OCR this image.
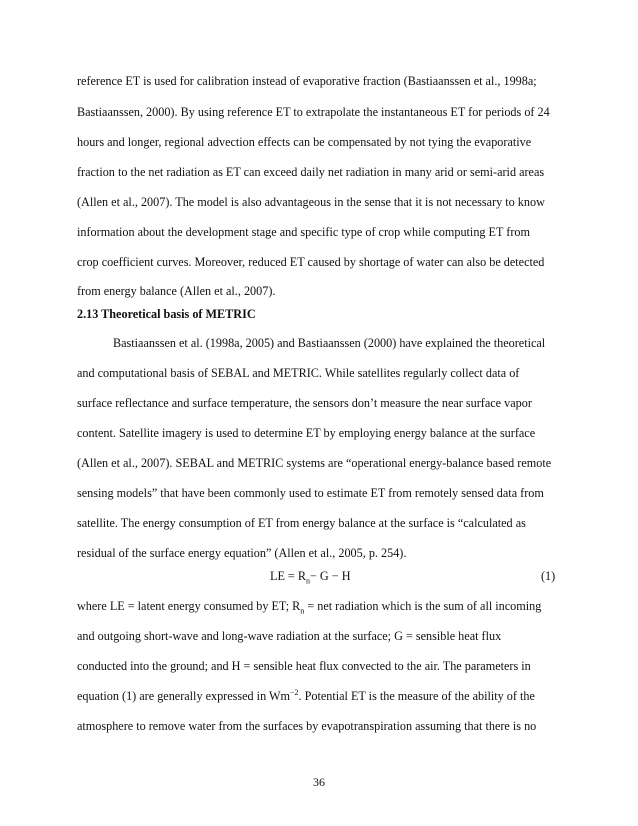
reference ET is used for calibration instead of evaporative fraction (Bastiaanssen et al., 1998a;
Bastiaanssen, 2000). By using reference ET to extrapolate the instantaneous ET for periods of 24
hours and longer, regional advection effects can be compensated by not tying the evaporative
fraction to the net radiation as ET can exceed daily net radiation in many arid or semi-arid areas
(Allen et al., 2007). The model is also advantageous in the sense that it is not necessary to know
information about the development stage and specific type of crop while computing ET from
crop coefficient curves. Moreover, reduced ET caused by shortage of water can also be detected
from energy balance (Allen et al., 2007).
2.13 Theoretical basis of METRIC
Bastiaanssen et al. (1998a, 2005) and Bastiaanssen (2000) have explained the theoretical
and computational basis of SEBAL and METRIC. While satellites regularly collect data of
surface reflectance and surface temperature, the sensors don’t measure the near surface vapor
content. Satellite imagery is used to determine ET by employing energy balance at the surface
(Allen et al., 2007). SEBAL and METRIC systems are “operational energy-balance based remote
sensing models” that have been commonly used to estimate ET from remotely sensed data from
satellite. The energy consumption of ET from energy balance at the surface is “calculated as
residual of the surface energy equation” (Allen et al., 2005, p. 254).
LE = $R_n- G - H$	(1)
where LE = latent energy consumed by ET; $R_n$ = net radiation which is the sum of all incoming
and outgoing short-wave and long-wave radiation at the surface; G = sensible heat flux
conducted into the ground; and H = sensible heat flux convected to the air. The parameters in
equation (1) are generally expressed in $Wm^{-2}$. Potential ET is the measure of the ability of the
atmosphere to remove water from the surfaces by evapotranspiration assuming that there is no
36
